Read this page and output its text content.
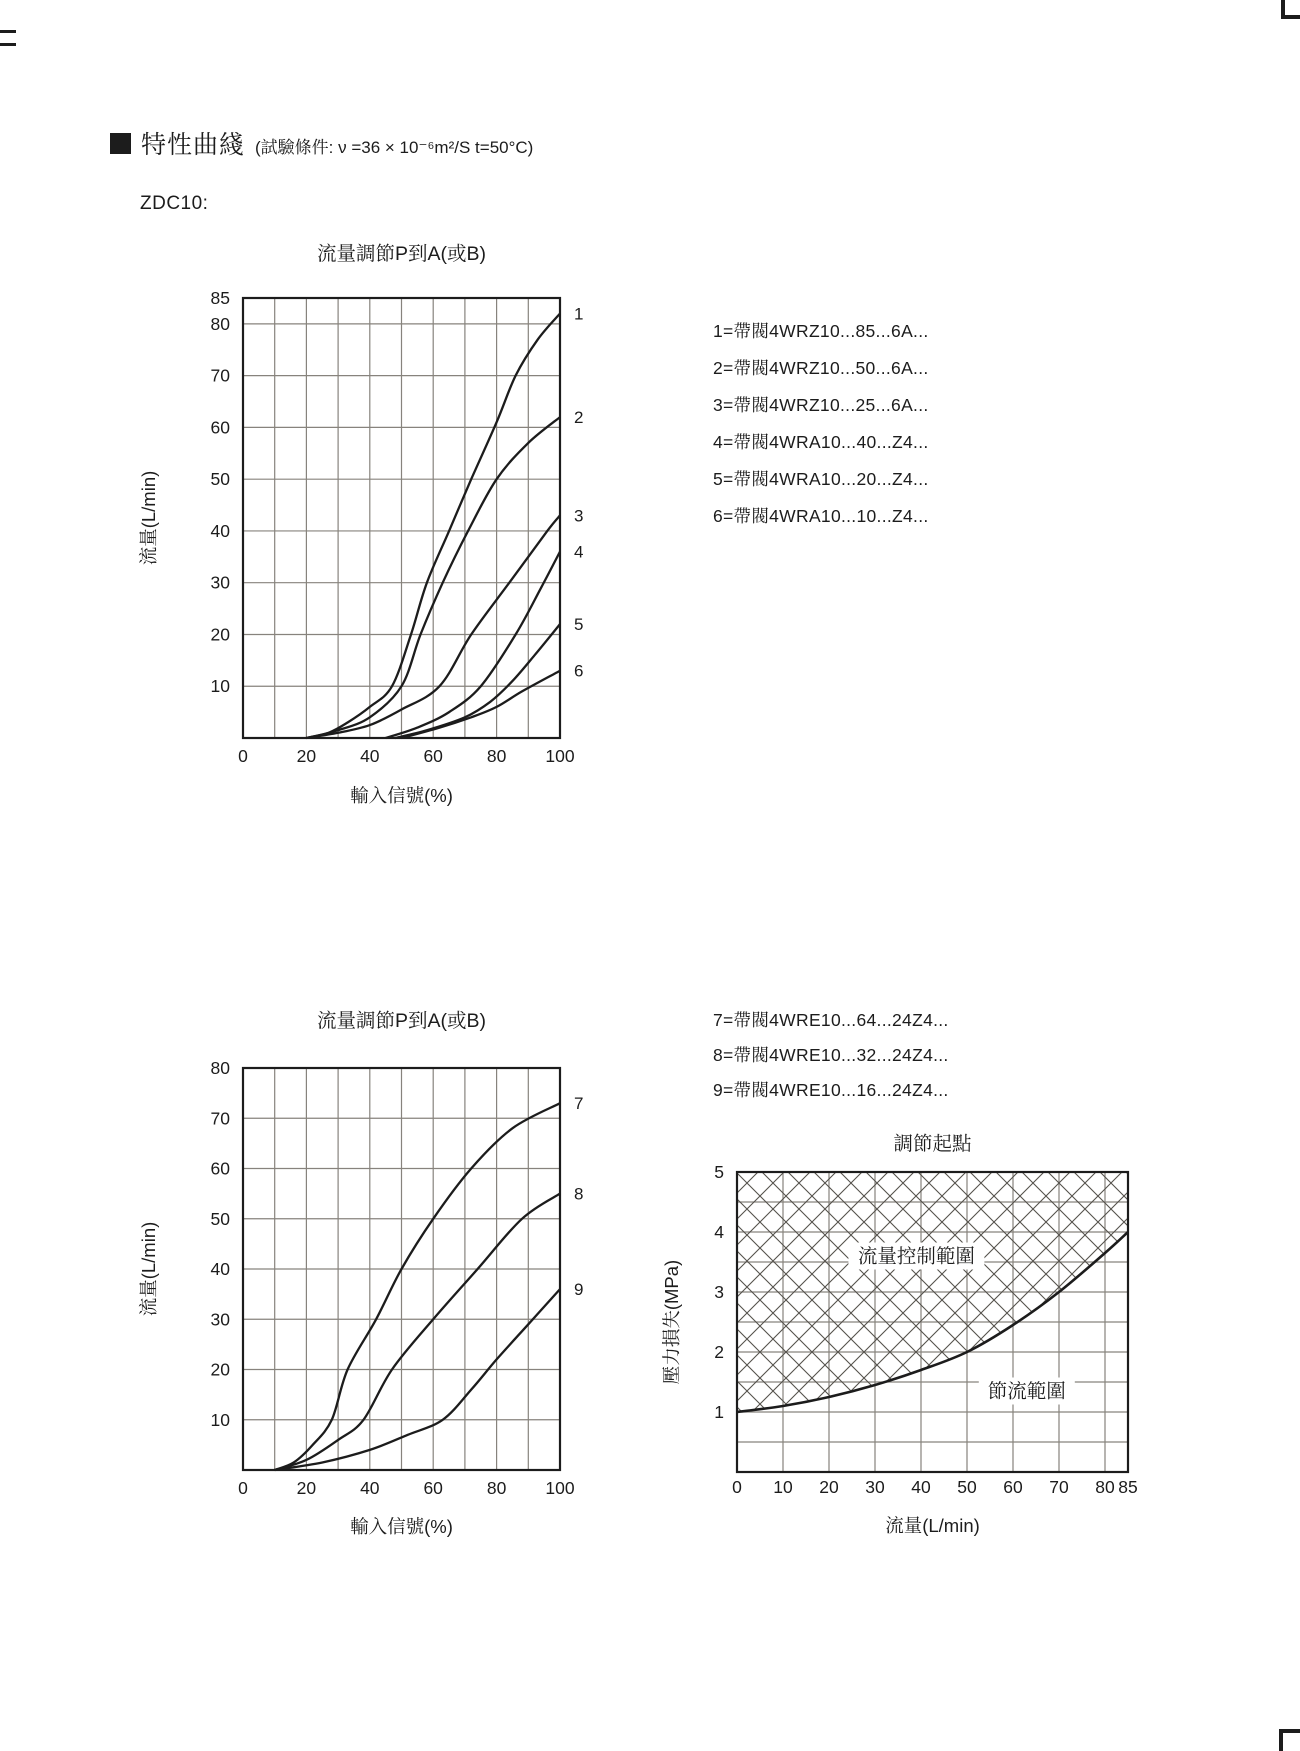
特性曲綫 (試驗條件: ν =36 × 10⁻⁶m²/S t=50°C)
ZDC10:
1
2
3
4
5
6
0	20	40	60	80 100
85
80
70
60
50
40
30
20
10
流量調節P到A(或B)
輸入信號(%)
流量(L/min)
7
8
9
0	20	40	60	80 100
80
70
60
50
40
30
20
10
流量調節P到A(或B)
輸入信號(%)
流量(L/min)	流量控制範圍
節流範圍
0 10 20 30 40 50 60 70 80 85
5
4
3
2
1
調節起點
流量(L/min)
壓力損失(MPa)
1=帶閥4WRZ10...85...6A...
2=帶閥4WRZ10...50...6A...
3=帶閥4WRZ10...25...6A...
4=帶閥4WRA10...40...Z4...
5=帶閥4WRA10...20...Z4...
6=帶閥4WRA10...10...Z4...
7=帶閥4WRE10...64...24Z4...
8=帶閥4WRE10...32...24Z4...
9=帶閥4WRE10...16...24Z4...
